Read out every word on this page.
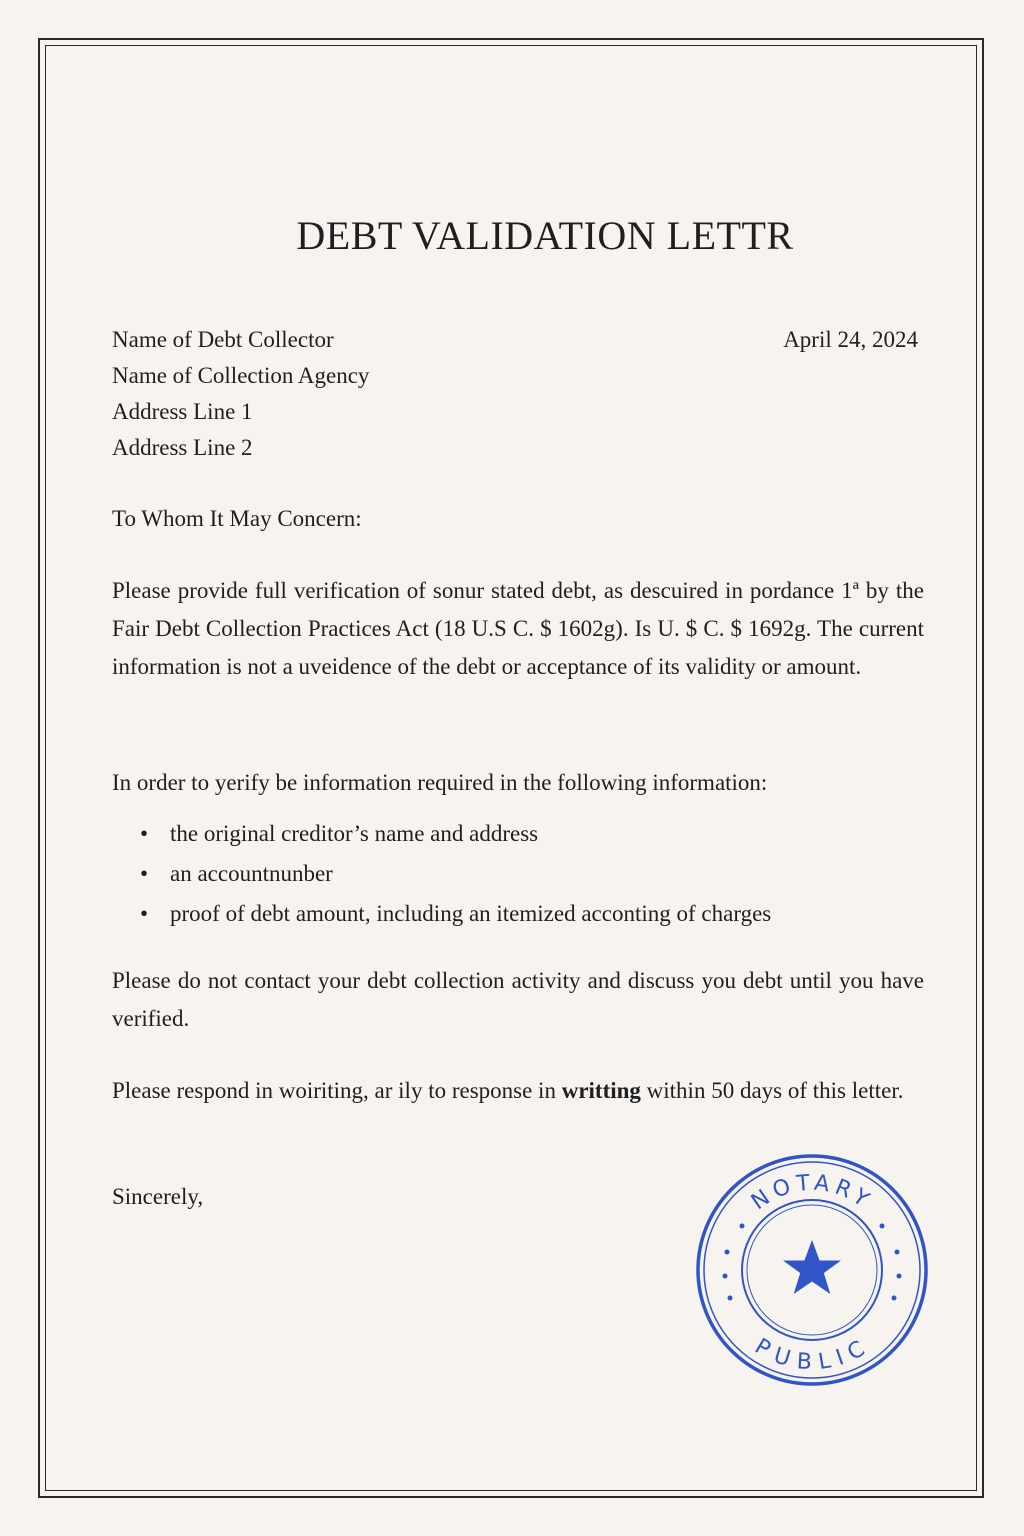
DEBT VALIDATION LETTR
Name of Debt Collector
Name of Collection Agency
Address Line 1
Address Line 2
April 24, 2024

To Whom It May Concern:

Please provide full verification of sonur stated debt, as descuired in pordance 1ª by the Fair Debt Collection Practices Act (18 U.S C. $ 1602g). Is U. $ C. $ 1692g. The current information is not a uveidence of the debt or acceptance of its validity or amount.

In order to yerify be information required in the following information:

• the original creditor’s name and address
• an accountnunber
• proof of debt amount, including an itemized acconting of charges

Please do not contact your debt collection activity and discuss you debt until you have verified.

Please respond in woiriting, ar ily to response in writting within 50 days of this letter.

Sincerely,	NOTARY
PUBLIC
